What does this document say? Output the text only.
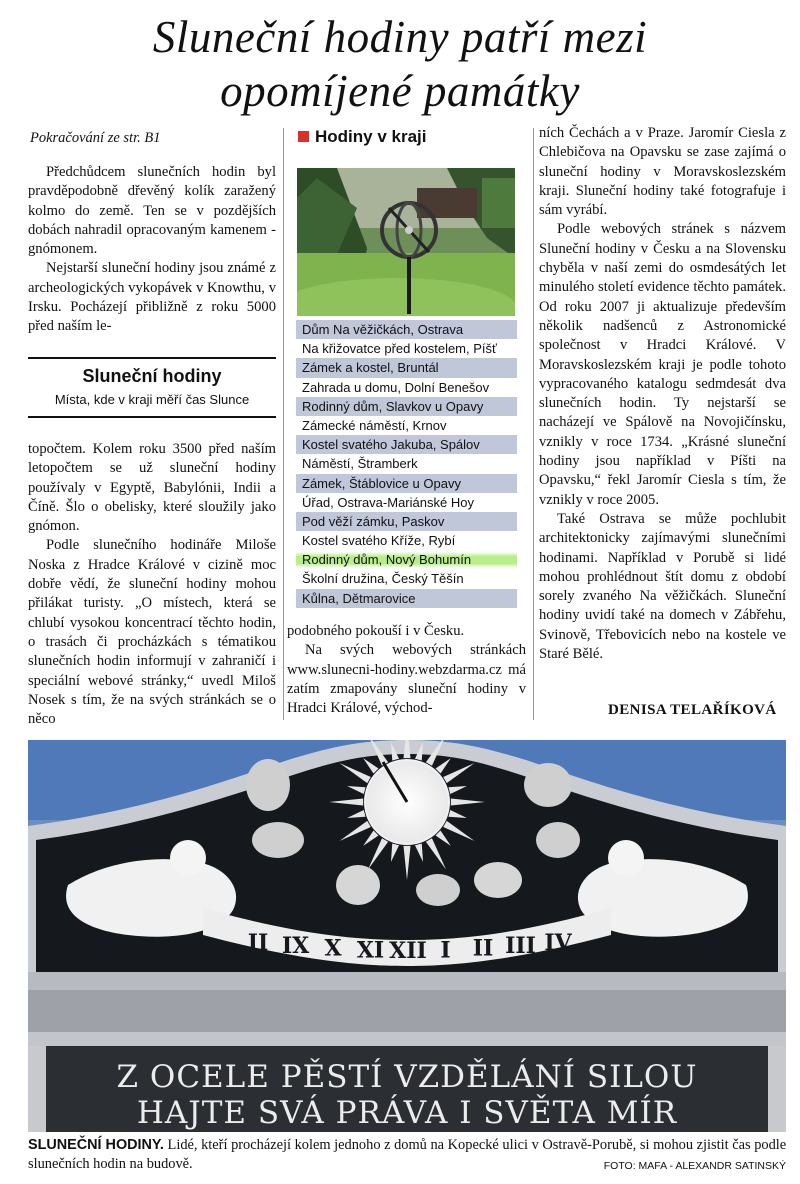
Sluneční hodiny patří mezi
opomíjené památky
Pokračování ze str. B1

Předchůdcem slunečních hodin byl pravděpodobně dřevěný kolík zaražený kolmo do země. Ten se v pozdějších dobách nahradil opracovaným kamenem - gnómonem.

Nejstarší sluneční hodiny jsou známé z archeologických vykopávek v Knowthu, v Irsku. Pocházejí přibližně z roku 5000 před naším le-

Sluneční hodiny
Místa, kde v kraji měří čas Slunce

topočtem. Kolem roku 3500 před naším letopočtem se už sluneční hodiny používaly v Egyptě, Babylónii, Indii a Číně. Šlo o obelisky, které sloužily jako gnómon.

Podle slunečního hodináře Miloše Noska z Hradce Králové v cizině moc dobře vědí, že sluneční hodiny mohou přilákat turisty. „O místech, která se chlubí vysokou koncentrací těchto hodin, o trasách či procházkách s tématikou slunečních hodin informují v zahraničí i speciální webové stránky,“ uvedl Miloš Nosek s tím, že na svých stránkách se o něco

Hodiny v kraji
Dům Na věžičkách, Ostrava
Na křižovatce před kostelem, Píšť
Zámek a kostel, Bruntál
Zahrada u domu, Dolní Benešov
Rodinný dům, Slavkov u Opavy
Zámecké náměstí, Krnov
Kostel svatého Jakuba, Spálov
Náměstí, Štramberk
Zámek, Štáblovice u Opavy
Úřad, Ostrava-Mariánské Hoy
Pod věží zámku, Paskov
Kostel svatého Kříže, Rybí
Rodinný dům, Nový Bohumín
Školní družina, Český Těšín
Kůlna, Dětmarovice

podobného pokouší i v Česku.

Na svých webových stránkách www.slunecni-hodiny.webzdarma.cz má zatím zmapovány sluneční hodiny v Hradci Králové, východ-

ních Čechách a v Praze. Jaromír Ciesla z Chlebičova na Opavsku se zase zajímá o sluneční hodiny v Moravskoslezském kraji. Sluneční hodiny také fotografuje i sám vyrábí.

Podle webových stránek s názvem Sluneční hodiny v Česku a na Slovensku chyběla v naší zemi do osmdesátých let minulého století evidence těchto památek. Od roku 2007 ji aktualizuje především několik nadšenců z Astronomické společnost v Hradci Králové. V Moravskoslezském kraji je podle tohoto vypracovaného katalogu sedmdesát dva slunečních hodin. Ty nejstarší se nacházejí ve Spálově na Novojičínsku, vznikly v roce 1734. „Krásné sluneční hodiny jsou například v Píšti na Opavsku,“ řekl Jaromír Ciesla s tím, že vznikly v roce 2005.

Také Ostrava se může pochlubit architektonicky zajímavými slunečními hodinami. Například v Porubě si lidé mohou prohlédnout štít domu z období sorely zvaného Na věžičkách. Sluneční hodiny uvidí také na domech v Zábřehu, Svinově, Třebovicích nebo na kostele ve Staré Bělé.

DENISA TELAŘÍKOVÁ
II IX X XI XII I II III IV
Z OCELE PĚSTÍ VZDĚLÁNÍ SILOU
HAJTE SVÁ PRÁVA I SVĚTA MÍR
SLUNEČNÍ HODINY. Lidé, kteří procházejí kolem jednoho z domů na Kopecké ulici v Ostravě-Porubě, si mohou zjistit čas podle slunečních hodin na budově.	FOTO: MAFA - ALEXANDR SATINSKÝ
